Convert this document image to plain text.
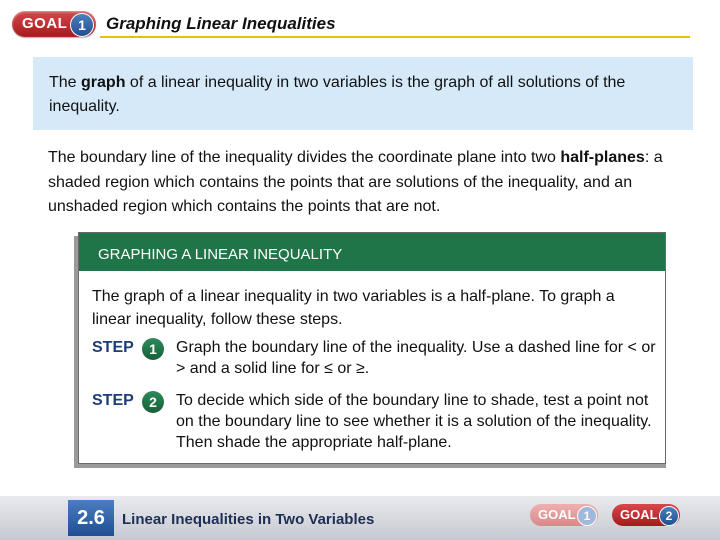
GOAL 1	Graphing Linear Inequalities
The graph of a linear inequality in two variables is the graph of all solutions of the inequality.
The boundary line of the inequality divides the coordinate plane into two half-planes: a shaded region which contains the points that are solutions of the inequality, and an unshaded region which contains the points that are not.
GRAPHING A LINEAR INEQUALITY
The graph of a linear inequality in two variables is a half-plane. To graph a linear inequality, follow these steps.
STEP	1	Graph the boundary line of the inequality. Use a dashed line for < or > and a solid line for ≤ or ≥.
STEP	2	To decide which side of the boundary line to shade, test a point not on the boundary line to see whether it is a solution of the inequality. Then shade the appropriate half-plane.
2.6	Linear Inequalities in Two Variables	GOAL 1	GOAL 2
